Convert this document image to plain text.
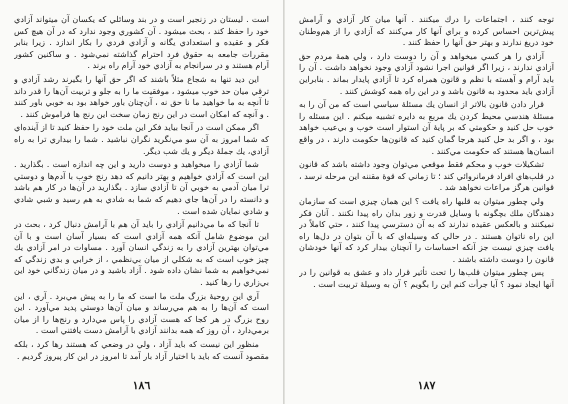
است . ليستان در زنجير است و در بند وسائلي كه يكسان آن ميتواند آزادي خود را حفظ كند ، بحث ميشود . آن كشوري وجود ندارد كه در آن هيچ كس فكر و عقيده و استعدادي يگانه و آزادي فردي را بكار اندازد . زيرا بنابر مقررات جامعه به حقوق فرد احترام گذاشته نمي‌شود . و ساكنين كشور آرام هستند و در سرانجام به آزادي خود آرام راه برند .

اين ديد تنها به شجاع مثلاً باشند كه اگر حق آنها را بگيرند رشد آزادي و ترقي ميان حد خوب ميشود ، موفقيت ما را به جلو و تربيت آن‌ها را قدر داند تا آنچه به ما خواهيد ما نا حق نه ، آن‌چنان باور خواهد بود به خوبي باور كنند . و آنچه كه امكان است در اين رنج زمان سخت اين رنج ها فراموش كنند .

اگر ممكن است در آنجا بيايد فكر اين ملت خود را حفظ كنيد تا از آينده‌اي كه شما امروز به آن سو مي‌نگريد نگران نباشيد . شما را بيداري ترا به راه آزادي، يك جملهٔ ديگر و يك شب ديگر.

شما آزادي را ميخواهيد و دوست داريد و اين چه اندازه است . بگذاريد . اين است كه آزادي خواهيم و بهتر دانيم كه دهد رنج خوب با آدم‌ها و دوستي ترا ميان آدمي به خوبي آن تا آزادي سازد . بگذاريد در آن‌ها در كار هم باشد و دانسته را در آن‌ها جاي دهيم كه شما به شادي به هم رسيد و شبي شادي و شادي نمايان شده است .

تا آنجا كه ما مي‌دانيم آزادي را بايد آن هم با آرامش دنبال كرد ، بحث در اين موضوع شامل آنكه همه آزادي است كه بسيار آسان است و با آن مي‌توان بهترين آزادي را به زندگي انسان آورد . مساوات در امر آزادي يك چيز خوب است كه به شكلي از ميان بي‌نظمي ، از خرابي و بدي زندگي كه نمي‌خواهيم به شما نشان داده شود . آزاد باشيد و در ميان زندگاني خود اين بي‌زاري را رها كنيد .

آري اين روحيهٔ بزرگ ملت ما است كه ما را به پيش مي‌برد . آري ، اين است كه آن‌ها را به هم مي‌رساند و ميان آن‌ها دوستي پديد مي‌آورد . اين روح بزرگ در هر كجا كه هست آزادي را پاس مي‌دارد و رنج‌ها را از ميان برمي‌دارد ، آن روز كه همه بدانند آزادي با آرامش دست يافتني است .

منظور اين نيست كه بايد آزاد ، ولي در وضعي كه هستند رها كرد ، بلكه مقصود آنست كه بايد با اختيار آزاد بار آمد تا امروز در اين كار پيروز گرديم .

١٨٦

توجه كنند ، اجتماعات را درك ميكنند . آنها ميان كار آزادي و آرامش پيش‌ترين احساس كرده و براي آنها كار مي‌كنند كه آزادي را از هم‌وطنان خود دريغ ندارند و بهتر حق آنها را حفظ كنند .

آزادي را هر كسي ميخواهد و آن را دوست دارد ، ولي همهٔ مردم حق آزادي ندارند ، زيرا اگر قوانين اجرا نشود آزادي وجود نخواهد داشت . آن را بايد آرام و آهسته با نظم و قانون همراه كرد تا آزادي پايدار بماند . بنابراين آزادي بايد محدود به قانون باشد و در اين راه همه كوشش كنند .

قرار دادن قانون بالاتر از انسان يك مسئلهٔ سياسي است كه من آن را به مسئلهٔ هندسي محيط كردن يك مربع به دايره تشبيه ميكنم . اين مسئله را خوب حل كنيد و حكومتي كه بر پايهٔ آن استوار است خوب و بي‌عيب خواهد بود ، و اگر بد حل كنيد هرجا گمان كنيد كه قانون‌ها حكومت دارند ، در واقع انسان‌ها هستند كه حكومت مي‌كنند .

تشكيلات خوب و محكم فقط موقعي مي‌توان وجود داشته باشد كه قانون در قلب‌هاي افراد فرمانروائي كند ؛ تا زماني كه قوهٔ مقننه اين مرحله نرسد ، قوانين هرگز مراعات نخواهد شد .

ولي چطور ميتوان به قلبها راه يافت ؟ اين همان چيزي است كه سازمان دهندگان ملك بچگونه با وسايل قدرت و زور بدان راه پيدا نكنند . آنان فكر نميكنند و بالعكس عقيده ندارند كه به آن دسترسي پيدا كنند ، حتي كاملاً در اين راه ناتوان هستند . در حالي كه وسيله‌اي كه با آن بتوان در دل‌ها راه يافت چيزي نيست جز آنكه احساسات را آنچنان بيدار كرد كه آنها خودشان قانون را دوست داشته باشند .

پس چطور ميتوان قلب‌ها را تحت تأثير قرار داد و عشق به قوانين را در آنها ايجاد نمود ؟ آيا جرأت كنم اين را بگويم ؟ آن به وسيلهٔ تربيت است .

١٨٧
